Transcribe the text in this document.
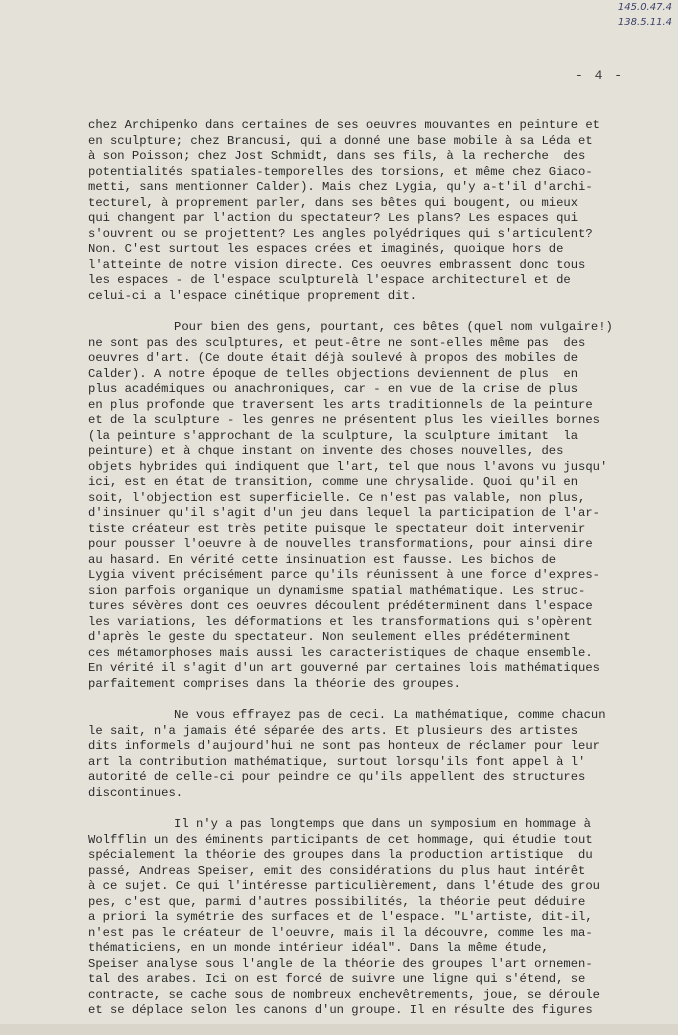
145.0.47.4
138.5.11.4
- 4 -
chez Archipenko dans certaines de ses oeuvres mouvantes en peinture et
en sculpture; chez Brancusi, qui a donné une base mobile à sa Léda et
à son Poisson; chez Jost Schmidt, dans ses fils, à la recherche  des
potentialités spatiales-temporelles des torsions, et même chez Giaco-
metti, sans mentionner Calder). Mais chez Lygia, qu'y a-t'il d'archi-
tecturel, à proprement parler, dans ses bêtes qui bougent, ou mieux
qui changent par l'action du spectateur? Les plans? Les espaces qui
s'ouvrent ou se projettent? Les angles polyédriques qui s'articulent?
Non. C'est surtout les espaces crées et imaginés, quoique hors de
l'atteinte de notre vision directe. Ces oeuvres embrassent donc tous
les espaces - de l'espace sculpturelà l'espace architecturel et de
celui-ci a l'espace cinétique proprement dit.
Pour bien des gens, pourtant, ces bêtes (quel nom vulgaire!)
ne sont pas des sculptures, et peut-être ne sont-elles même pas  des
oeuvres d'art. (Ce doute était déjà soulevé à propos des mobiles de
Calder). A notre époque de telles objections deviennent de plus  en
plus académiques ou anachroniques, car - en vue de la crise de plus
en plus profonde que traversent les arts traditionnels de la peinture
et de la sculpture - les genres ne présentent plus les vieilles bornes
(la peinture s'approchant de la sculpture, la sculpture imitant  la
peinture) et à chque instant on invente des choses nouvelles, des
objets hybrides qui indiquent que l'art, tel que nous l'avons vu jusqu'
ici, est en état de transition, comme une chrysalide. Quoi qu'il en
soit, l'objection est superficielle. Ce n'est pas valable, non plus,
d'insinuer qu'il s'agit d'un jeu dans lequel la participation de l'ar-
tiste créateur est très petite puisque le spectateur doit intervenir
pour pousser l'oeuvre à de nouvelles transformations, pour ainsi dire
au hasard. En vérité cette insinuation est fausse. Les bichos de
Lygia vivent précisément parce qu'ils réunissent à une force d'expres-
sion parfois organique un dynamisme spatial mathématique. Les struc-
tures sévères dont ces oeuvres découlent prédéterminent dans l'espace
les variations, les déformations et les transformations qui s'opèrent
d'après le geste du spectateur. Non seulement elles prédéterminent
ces métamorphoses mais aussi les caracteristiques de chaque ensemble.
En vérité il s'agit d'un art gouverné par certaines lois mathématiques
parfaitement comprises dans la théorie des groupes.
Ne vous effrayez pas de ceci. La mathématique, comme chacun
le sait, n'a jamais été séparée des arts. Et plusieurs des artistes
dits informels d'aujourd'hui ne sont pas honteux de réclamer pour leur
art la contribution mathématique, surtout lorsqu'ils font appel à l'
autorité de celle-ci pour peindre ce qu'ils appellent des structures
discontinues.
Il n'y a pas longtemps que dans un symposium en hommage à
Wolfflin un des éminents participants de cet hommage, qui étudie tout
spécialement la théorie des groupes dans la production artistique  du
passé, Andreas Speiser, emit des considérations du plus haut intérêt
à ce sujet. Ce qui l'intéresse particulièrement, dans l'étude des grou
pes, c'est que, parmi d'autres possibilités, la théorie peut déduire
a priori la symétrie des surfaces et de l'espace. "L'artiste, dit-il,
n'est pas le créateur de l'oeuvre, mais il la découvre, comme les ma-
thématiciens, en un monde intérieur idéal". Dans la même étude,
Speiser analyse sous l'angle de la théorie des groupes l'art ornemen-
tal des arabes. Ici on est forcé de suivre une ligne qui s'étend, se
contracte, se cache sous de nombreux enchevêtrements, joue, se déroule
et se déplace selon les canons d'un groupe. Il en résulte des figures
